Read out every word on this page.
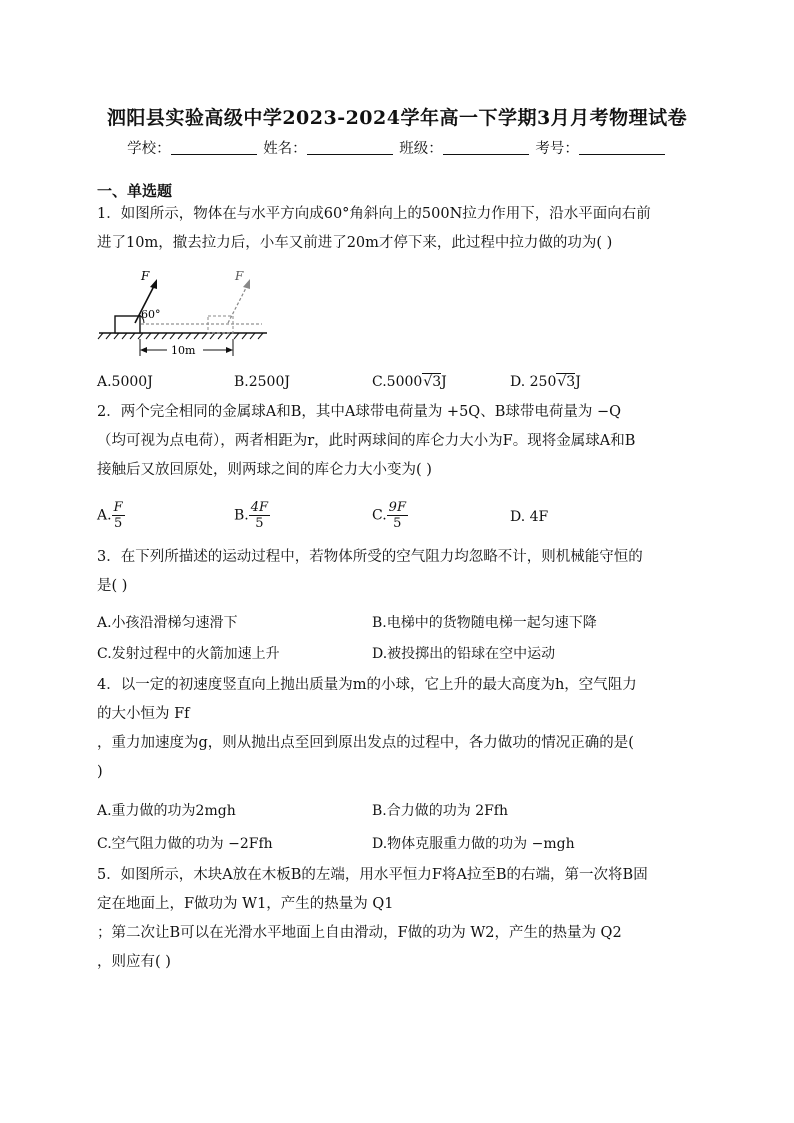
泗阳县实验高级中学2023-2024学年高一下学期3月月考物理试卷
学校：	姓名：	班级：	考号：
一、单选题
1．如图所示，物体在与水平方向成60°角斜向上的500N拉力作用下，沿水平面向右前
进了10m，撤去拉力后，小车又前进了20m才停下来，此过程中拉力做的功为( )
F	F
60°
10m
A.5000J	B.2500J	C.5000√3J	D. 250√3J
2．两个完全相同的金属球A和B，其中A球带电荷量为 +5Q、B球带电荷量为 −Q
（均可视为点电荷），两者相距为r，此时两球间的库仑力大小为F。现将金属球A和B
接触后又放回原处，则两球之间的库仑力大小变为( )
A. $\frac{F}{5}$	B. $\frac{4F}{5}$	C. $\frac{9F}{5}$	D. 4F
3．在下列所描述的运动过程中，若物体所受的空气阻力均忽略不计，则机械能守恒的
是( )
A.小孩沿滑梯匀速滑下	B.电梯中的货物随电梯一起匀速下降
C.发射过程中的火箭加速上升	D.被投掷出的铅球在空中运动
4．以一定的初速度竖直向上抛出质量为m的小球，它上升的最大高度为h，空气阻力
的大小恒为 Ff
，重力加速度为g，则从抛出点至回到原出发点的过程中，各力做功的情况正确的是(
)
A.重力做的功为2mgh	B.合力做的功为 2Ffh
C.空气阻力做的功为 −2Ffh	D.物体克服重力做的功为 −mgh
5．如图所示，木块A放在木板B的左端，用水平恒力F将A拉至B的右端，第一次将B固
定在地面上，F做功为 W1，产生的热量为 Q1
；第二次让B可以在光滑水平地面上自由滑动，F做的功为 W2，产生的热量为 Q2
，则应有( )
